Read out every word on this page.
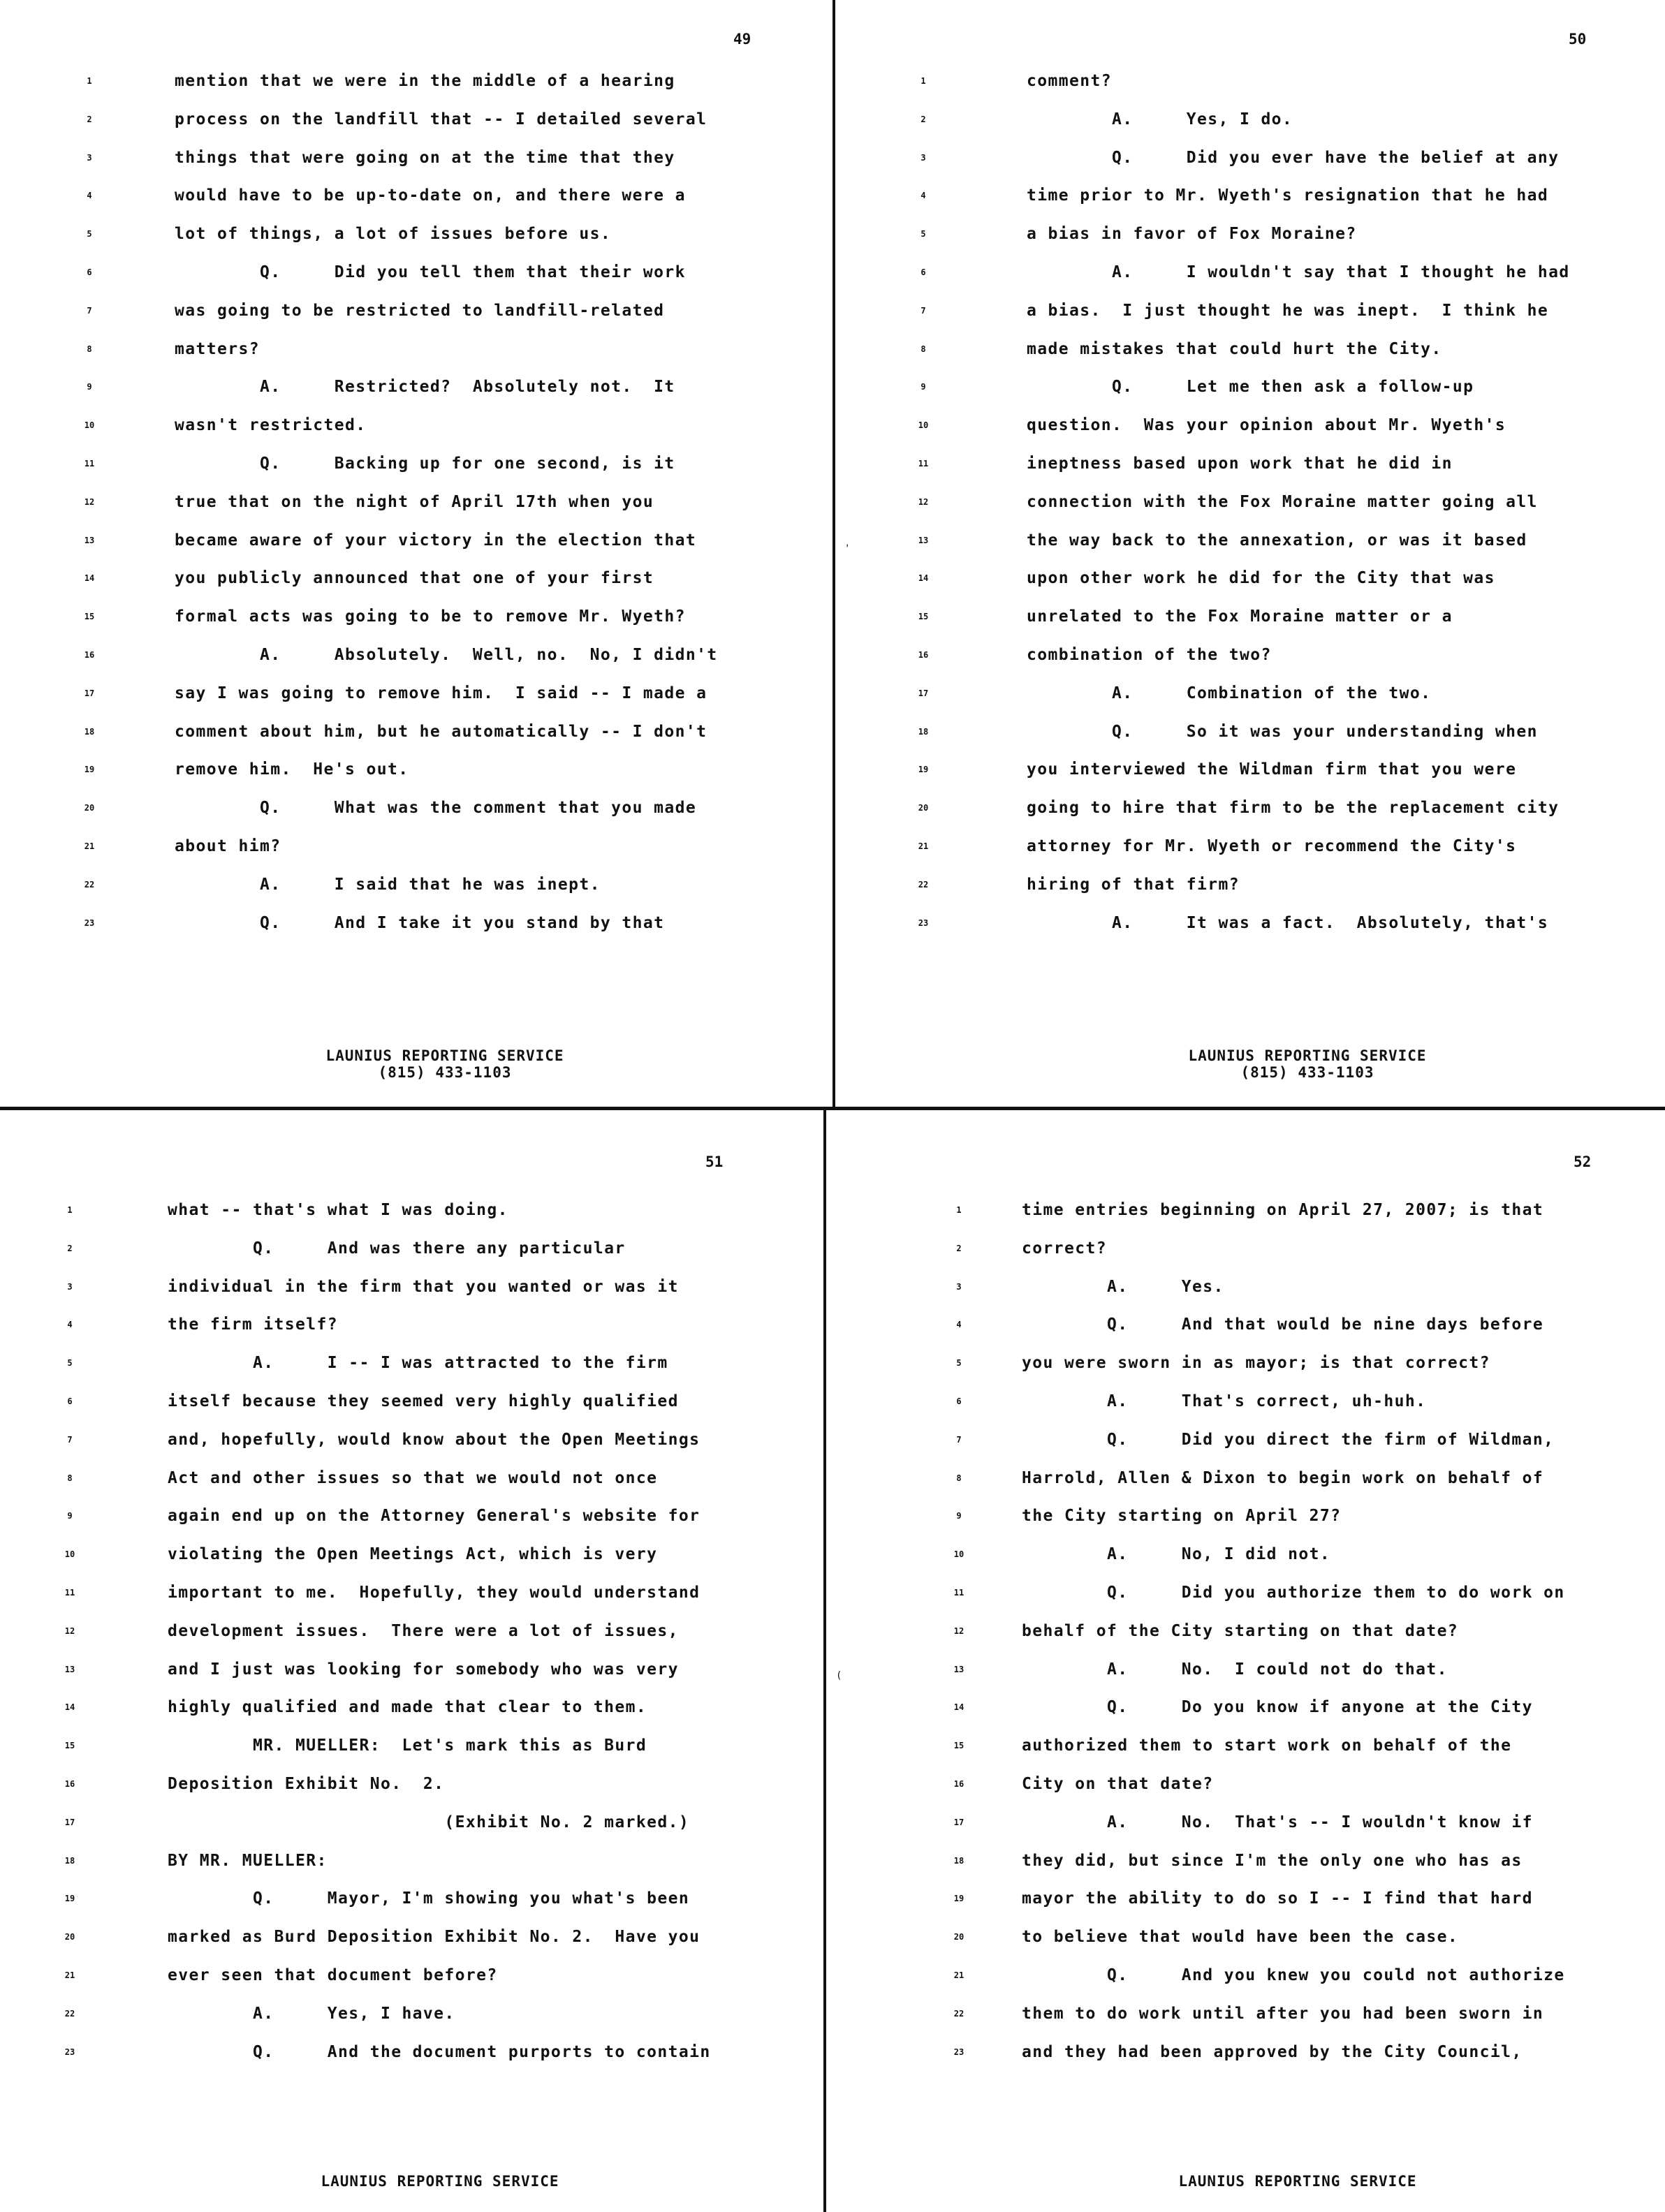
'
(
49
1	mention that we were in the middle of a hearing
2	process on the landfill that -- I detailed several
3	things that were going on at the time that they
4	would have to be up-to-date on, and there were a
5	lot of things, a lot of issues before us.
6	Q.     Did you tell them that their work
7	was going to be restricted to landfill-related
8	matters?
9	A.     Restricted?  Absolutely not.  It
10	wasn't restricted.
11	Q.     Backing up for one second, is it
12	true that on the night of April 17th when you
13	became aware of your victory in the election that
14	you publicly announced that one of your first
15	formal acts was going to be to remove Mr. Wyeth?
16	A.     Absolutely.  Well, no.  No, I didn't
17	say I was going to remove him.  I said -- I made a
18	comment about him, but he automatically -- I don't
19	remove him.  He's out.
20	Q.     What was the comment that you made
21	about him?
22	A.     I said that he was inept.
23	Q.     And I take it you stand by that
LAUNIUS REPORTING SERVICE
(815) 433-1103
50
1	comment?
2	A.     Yes, I do.
3	Q.     Did you ever have the belief at any
4	time prior to Mr. Wyeth's resignation that he had
5	a bias in favor of Fox Moraine?
6	A.     I wouldn't say that I thought he had
7	a bias.  I just thought he was inept.  I think he
8	made mistakes that could hurt the City.
9	Q.     Let me then ask a follow-up
10	question.  Was your opinion about Mr. Wyeth's
11	ineptness based upon work that he did in
12	connection with the Fox Moraine matter going all
13	the way back to the annexation, or was it based
14	upon other work he did for the City that was
15	unrelated to the Fox Moraine matter or a
16	combination of the two?
17	A.     Combination of the two.
18	Q.     So it was your understanding when
19	you interviewed the Wildman firm that you were
20	going to hire that firm to be the replacement city
21	attorney for Mr. Wyeth or recommend the City's
22	hiring of that firm?
23	A.     It was a fact.  Absolutely, that's
LAUNIUS REPORTING SERVICE
(815) 433-1103
51
1	what -- that's what I was doing.
2	Q.     And was there any particular
3	individual in the firm that you wanted or was it
4	the firm itself?
5	A.     I -- I was attracted to the firm
6	itself because they seemed very highly qualified
7	and, hopefully, would know about the Open Meetings
8	Act and other issues so that we would not once
9	again end up on the Attorney General's website for
10	violating the Open Meetings Act, which is very
11	important to me.  Hopefully, they would understand
12	development issues.  There were a lot of issues,
13	and I just was looking for somebody who was very
14	highly qualified and made that clear to them.
15	MR. MUELLER:  Let's mark this as Burd
16	Deposition Exhibit No.  2.
17	(Exhibit No. 2 marked.)
18	BY MR. MUELLER:
19	Q.     Mayor, I'm showing you what's been
20	marked as Burd Deposition Exhibit No. 2.  Have you
21	ever seen that document before?
22	A.     Yes, I have.
23	Q.     And the document purports to contain
LAUNIUS REPORTING SERVICE
52
1	time entries beginning on April 27, 2007; is that
2	correct?
3	A.     Yes.
4	Q.     And that would be nine days before
5	you were sworn in as mayor; is that correct?
6	A.     That's correct, uh-huh.
7	Q.     Did you direct the firm of Wildman,
8	Harrold, Allen & Dixon to begin work on behalf of
9	the City starting on April 27?
10	A.     No, I did not.
11	Q.     Did you authorize them to do work on
12	behalf of the City starting on that date?
13	A.     No.  I could not do that.
14	Q.     Do you know if anyone at the City
15	authorized them to start work on behalf of the
16	City on that date?
17	A.     No.  That's -- I wouldn't know if
18	they did, but since I'm the only one who has as
19	mayor the ability to do so I -- I find that hard
20	to believe that would have been the case.
21	Q.     And you knew you could not authorize
22	them to do work until after you had been sworn in
23	and they had been approved by the City Council,
LAUNIUS REPORTING SERVICE
